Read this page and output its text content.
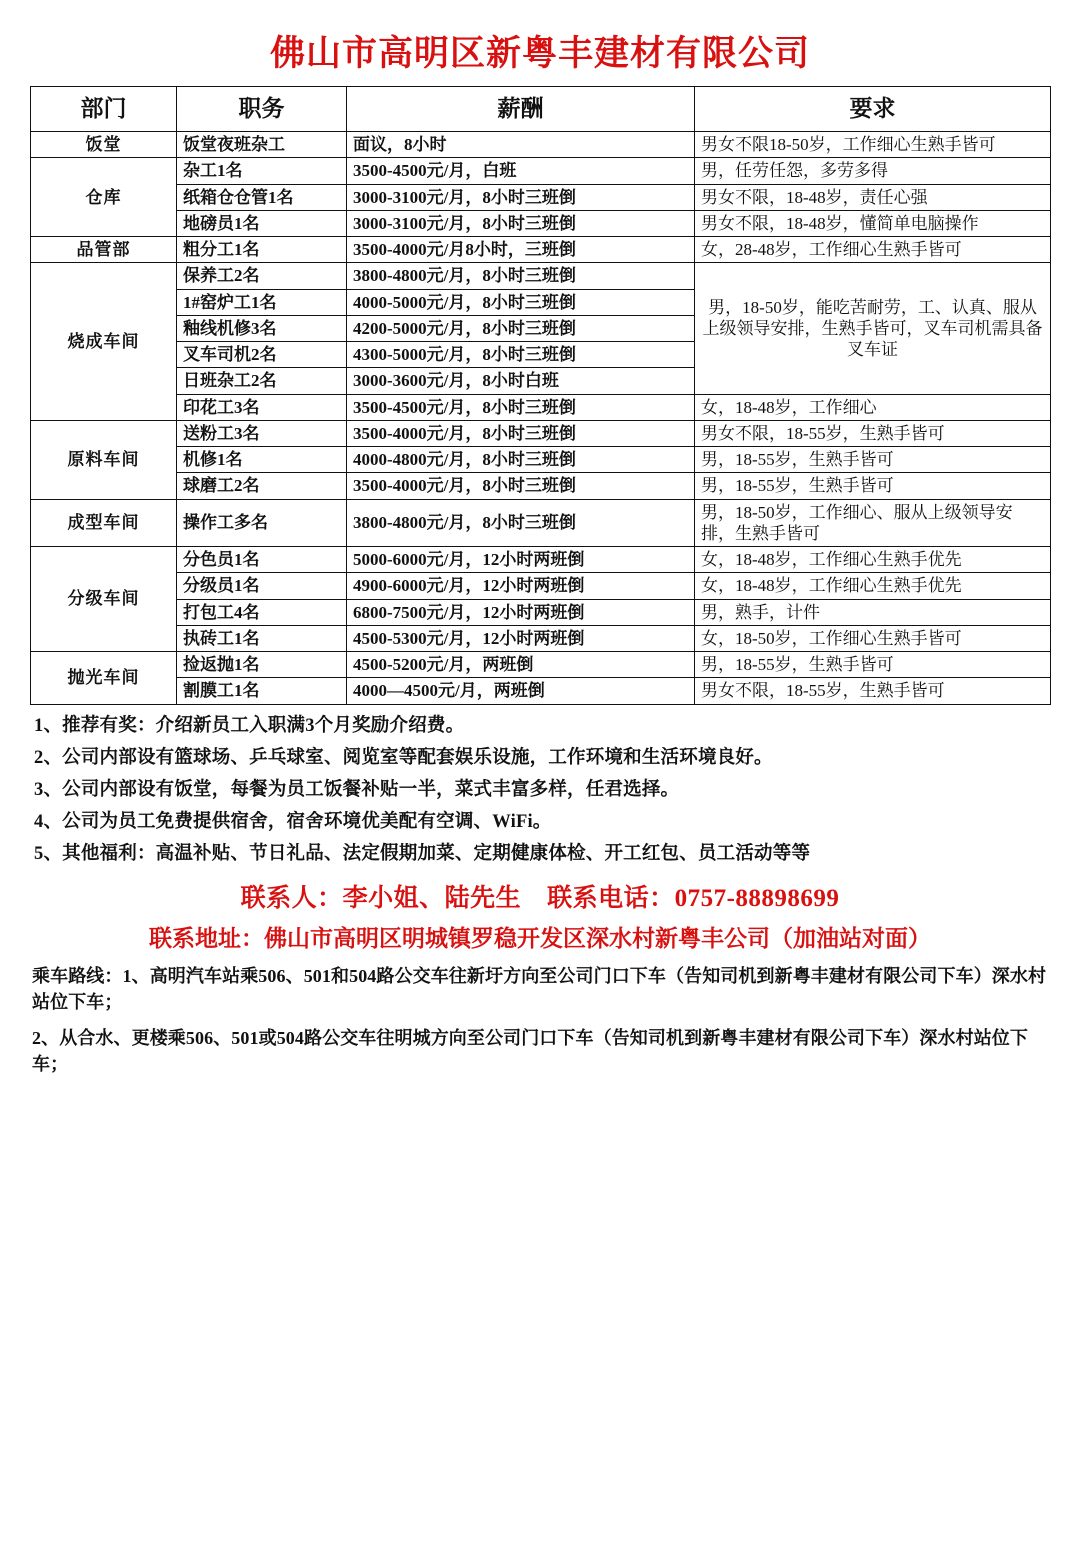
佛山市高明区新粤丰建材有限公司
部门	职务	薪酬	要求
饭堂	饭堂夜班杂工	面议，8小时	男女不限18-50岁，工作细心生熟手皆可
仓库	杂工1名	3500-4500元/月，白班	男，任劳任怨，多劳多得
	纸箱仓仓管1名	3000-3100元/月，8小时三班倒	男女不限，18-48岁，责任心强
	地磅员1名	3000-3100元/月，8小时三班倒	男女不限，18-48岁，懂简单电脑操作
品管部	粗分工1名	3500-4000元/月8小时，三班倒	女，28-48岁，工作细心生熟手皆可
烧成车间	保养工2名	3800-4800元/月，8小时三班倒	男，18-50岁，能吃苦耐劳，工、认真、服从上级领导安排，生熟手皆可，叉车司机需具备叉车证
	1#窑炉工1名	4000-5000元/月，8小时三班倒	
	釉线机修3名	4200-5000元/月，8小时三班倒	
	叉车司机2名	4300-5000元/月，8小时三班倒	
	日班杂工2名	3000-3600元/月，8小时白班	
	印花工3名	3500-4500元/月，8小时三班倒	女，18-48岁，工作细心
原料车间	送粉工3名	3500-4000元/月，8小时三班倒	男女不限，18-55岁，生熟手皆可
	机修1名	4000-4800元/月，8小时三班倒	男，18-55岁，生熟手皆可
	球磨工2名	3500-4000元/月，8小时三班倒	男，18-55岁，生熟手皆可
成型车间	操作工多名	3800-4800元/月，8小时三班倒	男，18-50岁，工作细心、服从上级领导安排，生熟手皆可
分级车间	分色员1名	5000-6000元/月，12小时两班倒	女，18-48岁，工作细心生熟手优先
	分级员1名	4900-6000元/月，12小时两班倒	女，18-48岁，工作细心生熟手优先
	打包工4名	6800-7500元/月，12小时两班倒	男，熟手，计件
	执砖工1名	4500-5300元/月，12小时两班倒	女，18-50岁，工作细心生熟手皆可
抛光车间	捡返抛1名	4500-5200元/月，两班倒	男，18-55岁，生熟手皆可
	割膜工1名	4000—4500元/月，两班倒	男女不限，18-55岁，生熟手皆可
1、推荐有奖：介绍新员工入职满3个月奖励介绍费。
2、公司内部设有篮球场、乒乓球室、阅览室等配套娱乐设施，工作环境和生活环境良好。
3、公司内部设有饭堂，每餐为员工饭餐补贴一半，菜式丰富多样，任君选择。
4、公司为员工免费提供宿舍，宿舍环境优美配有空调、WiFi。
5、其他福利：高温补贴、节日礼品、法定假期加菜、定期健康体检、开工红包、员工活动等等
联系人：李小姐、陆先生 联系电话：0757-88898699
联系地址：佛山市高明区明城镇罗稳开发区深水村新粤丰公司（加油站对面）
乘车路线：1、高明汽车站乘506、501和504路公交车往新圩方向至公司门口下车（告知司机到新粤丰建材有限公司下车）深水村站位下车；
2、从合水、更楼乘506、501或504路公交车往明城方向至公司门口下车（告知司机到新粤丰建材有限公司下车）深水村站位下车；
